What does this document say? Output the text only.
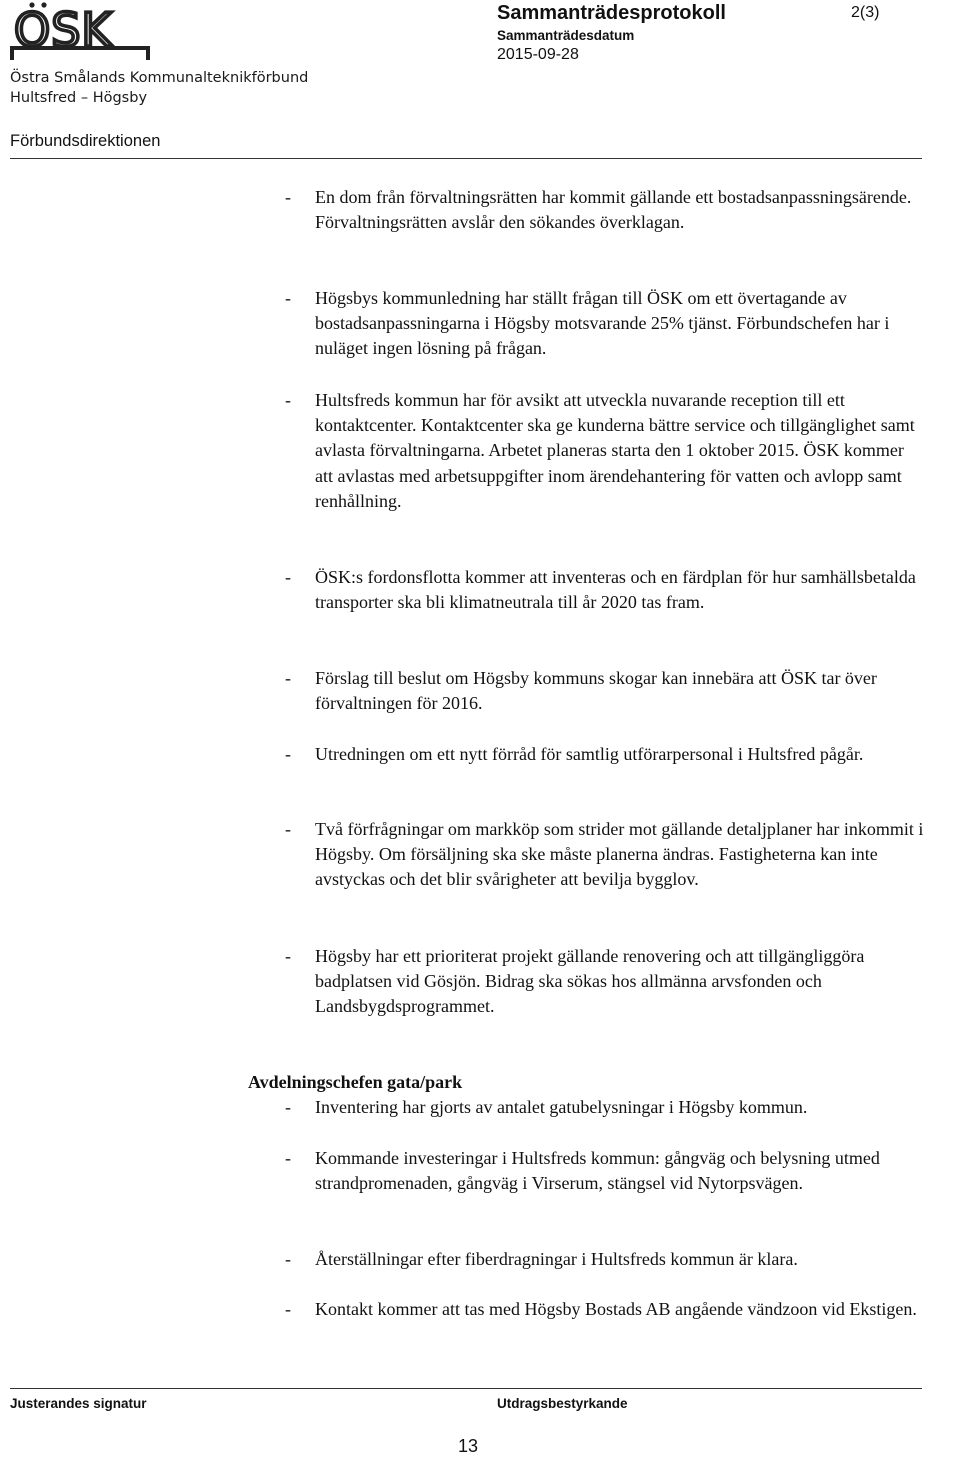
OSK
Östra Smålands Kommunalteknikförbund
Hultsfred – Högsby
Sammanträdesprotokoll	2(3)
Sammanträdesdatum
2015-09-28
Förbundsdirektionen
- En dom från förvaltningsrätten har kommit gällande ett bostadsanpassningsärende. Förvaltningsrätten avslår den sökandes överklagan.
- Högsbys kommunledning har ställt frågan till ÖSK om ett övertagande av bostadsanpassningarna i Högsby motsvarande 25% tjänst. Förbundschefen har i nuläget ingen lösning på frågan.
- Hultsfreds kommun har för avsikt att utveckla nuvarande reception till ett kontaktcenter. Kontaktcenter ska ge kunderna bättre service och tillgänglighet samt avlasta förvaltningarna. Arbetet planeras starta den 1 oktober 2015. ÖSK kommer att avlastas med arbetsuppgifter inom ärendehantering för vatten och avlopp samt renhållning.
- ÖSK:s fordonsflotta kommer att inventeras och en färdplan för hur samhällsbetalda transporter ska bli klimatneutrala till år 2020 tas fram.
- Förslag till beslut om Högsby kommuns skogar kan innebära att ÖSK tar över förvaltningen för 2016.
- Utredningen om ett nytt förråd för samtlig utförarpersonal i Hultsfred pågår.
- Två förfrågningar om markköp som strider mot gällande detaljplaner har inkommit i Högsby. Om försäljning ska ske måste planerna ändras. Fastigheterna kan inte avstyckas och det blir svårigheter att bevilja bygglov.
- Högsby har ett prioriterat projekt gällande renovering och att tillgängliggöra badplatsen vid Gösjön. Bidrag ska sökas hos allmänna arvsfonden och Landsbygdsprogrammet.
Avdelningschefen gata/park
- Inventering har gjorts av antalet gatubelysningar i Högsby kommun.
- Kommande investeringar i Hultsfreds kommun: gångväg och belysning utmed strandpromenaden, gångväg i Virserum, stängsel vid Nytorpsvägen.
- Återställningar efter fiberdragningar i Hultsfreds kommun är klara.
- Kontakt kommer att tas med Högsby Bostads AB angående vändzoon vid Ekstigen.
Justerandes signatur	Utdragsbestyrkande
13
